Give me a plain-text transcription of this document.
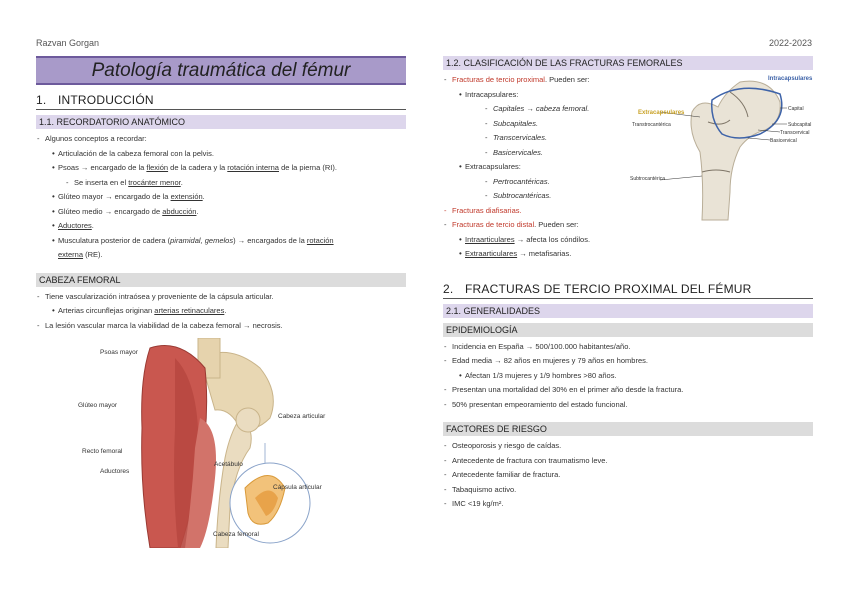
Razvan Gorgan	2022-2023
Patología traumática del fémur
1. INTRODUCCIÓN
1.1. RECORDATORIO ANATÓMICO
- Algunos conceptos a recordar:
• Articulación de la cabeza femoral con la pelvis.
• Psoas → encargado de la flexión de la cadera y la rotación interna de la pierna (RI).
- Se inserta en el trocánter menor.
• Glúteo mayor → encargado de la extensión.
• Glúteo medio → encargado de abducción.
• Aductores.
• Musculatura posterior de cadera (piramidal, gemelos) → encargados de la rotación
• externa (RE).
CABEZA FEMORAL
- Tiene vascularización intraósea y proveniente de la cápsula articular.
• Arterias circunflejas originan arterias retinaculares.
- La lesión vascular marca la viabilidad de la cabeza femoral → necrosis.
Psoas mayor
Glúteo mayor
Recto femoral
Aductores
Cabeza articular
Acetábulo
Cápsula articular
Cabeza femoral
1.2. CLASIFICACIÓN DE LAS FRACTURAS FEMORALES
- Fracturas de tercio proximal. Pueden ser:
• Intracapsulares:
- Capitales → cabeza femoral.
- Subcapitales.
- Transcervicales.
- Basicervicales.
• Extracapsulares:
- Pertrocantéricas.
- Subtrocantéricas.
- Fracturas diafisarias.
- Fracturas de tercio distal. Pueden ser:
• Intraarticulares → afecta los cóndilos.
• Extraarticulares → metafisarias.
2. FRACTURAS DE TERCIO PROXIMAL DEL FÉMUR
2.1. GENERALIDADES
EPIDEMIOLOGÍA
- Incidencia en España → 500/100.000 habitantes/año.
- Edad media → 82 años en mujeres y 79 años en hombres.
• Afectan 1/3 mujeres y 1/9 hombres >80 años.
- Presentan una mortalidad del 30% en el primer año desde la fractura.
- 50% presentan empeoramiento del estado funcional.
FACTORES DE RIESGO
- Osteoporosis y riesgo de caídas.
- Antecedente de fractura con traumatismo leve.
- Antecedente familiar de fractura.
- Tabaquismo activo.
- IMC <19 kg/m².
Intracapsulares
Extracapsulares
Transtrocantérica
Capital
Subcapital
Transcervical
Basicervical
Subtrocantérica
